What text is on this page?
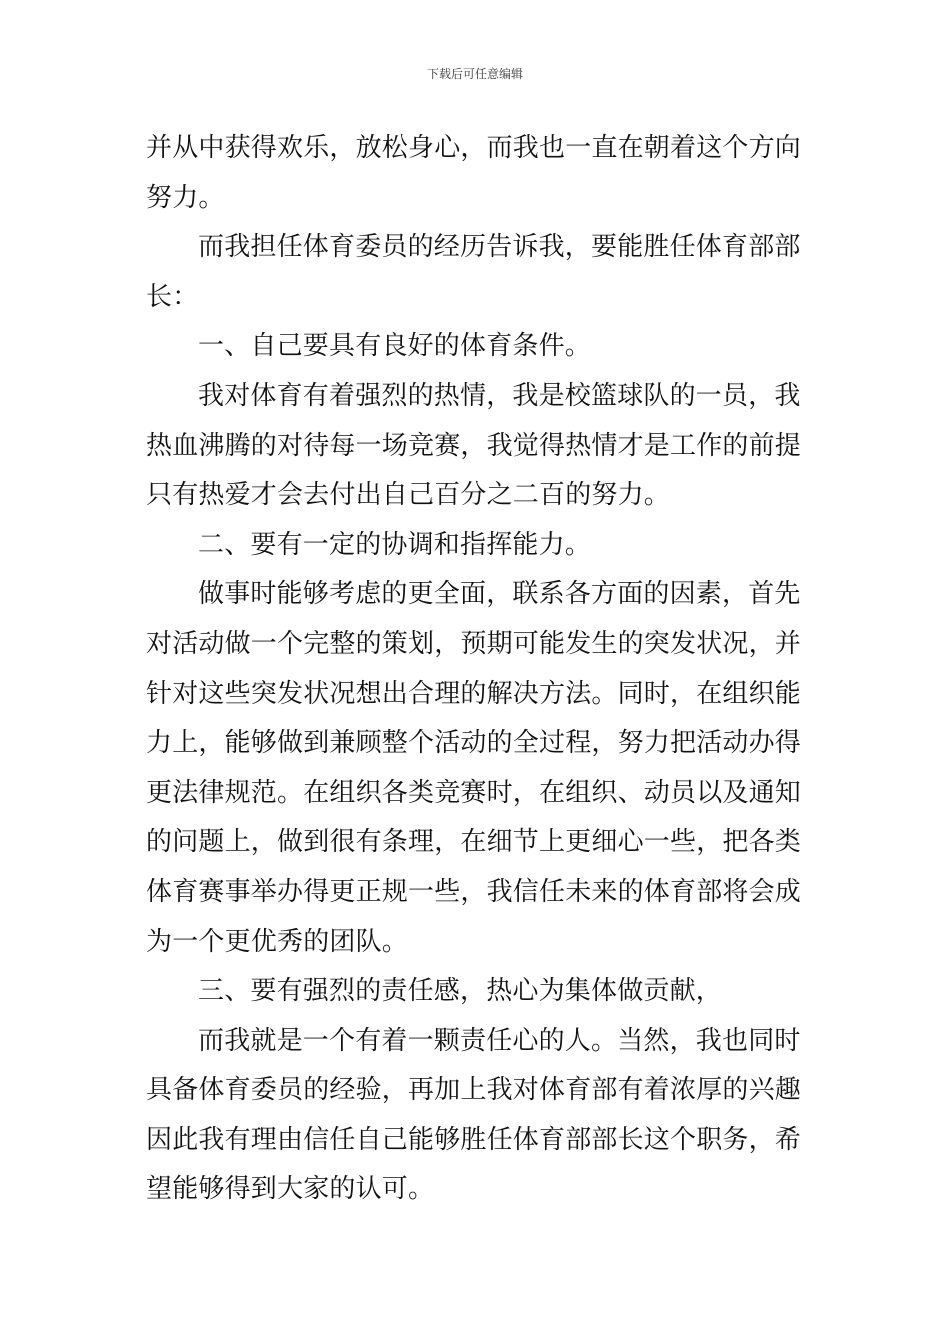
下载后可任意编辑
并从中获得欢乐，放松身心，而我也一直在朝着这个方向
努力。
而我担任体育委员的经历告诉我，要能胜任体育部部
长：
一、自己要具有良好的体育条件。
我对体育有着强烈的热情，我是校篮球队的一员，我
热血沸腾的对待每一场竞赛，我觉得热情才是工作的前提
只有热爱才会去付出自己百分之二百的努力。
二、要有一定的协调和指挥能力。
做事时能够考虑的更全面，联系各方面的因素，首先
对活动做一个完整的策划，预期可能发生的突发状况，并
针对这些突发状况想出合理的解决方法。同时，在组织能
力上，能够做到兼顾整个活动的全过程，努力把活动办得
更法律规范。在组织各类竞赛时，在组织、动员以及通知
的问题上，做到很有条理，在细节上更细心一些，把各类
体育赛事举办得更正规一些，我信任未来的体育部将会成
为一个更优秀的团队。
三、要有强烈的责任感，热心为集体做贡献，
而我就是一个有着一颗责任心的人。当然，我也同时
具备体育委员的经验，再加上我对体育部有着浓厚的兴趣
因此我有理由信任自己能够胜任体育部部长这个职务，希
望能够得到大家的认可。
